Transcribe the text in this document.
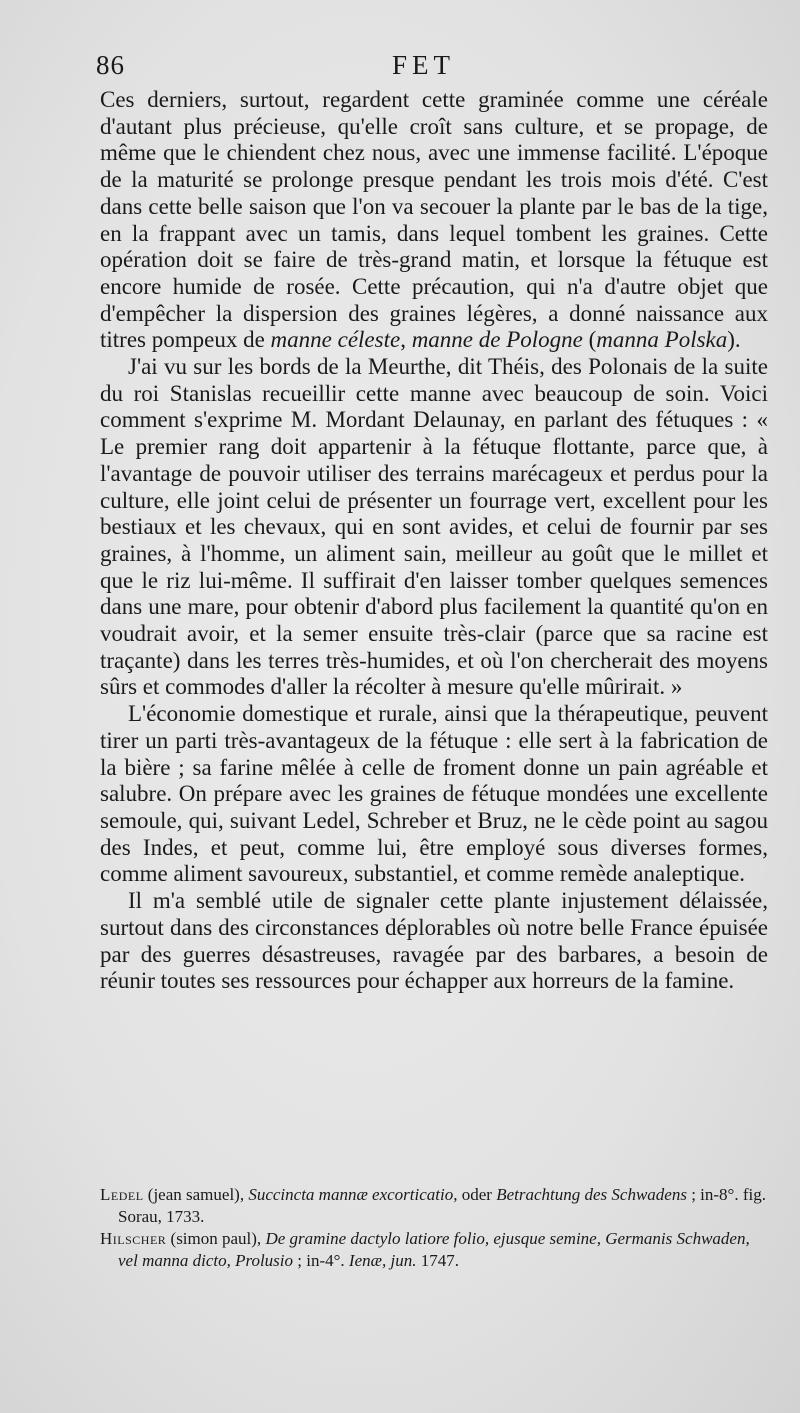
86	FET

Ces derniers, surtout, regardent cette graminée comme une céréale d'autant plus précieuse, qu'elle croît sans culture, et se propage, de même que le chiendent chez nous, avec une immense facilité. L'époque de la maturité se prolonge presque pendant les trois mois d'été. C'est dans cette belle saison que l'on va secouer la plante par le bas de la tige, en la frappant avec un tamis, dans lequel tombent les graines. Cette opération doit se faire de très-grand matin, et lorsque la fétuque est encore humide de rosée. Cette précaution, qui n'a d'autre objet que d'empêcher la dispersion des graines légères, a donné naissance aux titres pompeux de manne céleste, manne de Pologne (manna Polska).

J'ai vu sur les bords de la Meurthe, dit Théis, des Polonais de la suite du roi Stanislas recueillir cette manne avec beaucoup de soin. Voici comment s'exprime M. Mordant Delaunay, en parlant des fétuques : « Le premier rang doit appartenir à la fétuque flottante, parce que, à l'avantage de pouvoir utiliser des terrains marécageux et perdus pour la culture, elle joint celui de présenter un fourrage vert, excellent pour les bestiaux et les chevaux, qui en sont avides, et celui de fournir par ses graines, à l'homme, un aliment sain, meilleur au goût que le millet et que le riz lui-même. Il suffirait d'en laisser tomber quelques semences dans une mare, pour obtenir d'abord plus facilement la quantité qu'on en voudrait avoir, et la semer ensuite très-clair (parce que sa racine est traçante) dans les terres très-humides, et où l'on chercherait des moyens sûrs et commodes d'aller la récolter à mesure qu'elle mûrirait. »

L'économie domestique et rurale, ainsi que la thérapeutique, peuvent tirer un parti très-avantageux de la fétuque : elle sert à la fabrication de la bière ; sa farine mêlée à celle de froment donne un pain agréable et salubre. On prépare avec les graines de fétuque mondées une excellente semoule, qui, suivant Ledel, Schreber et Bruz, ne le cède point au sagou des Indes, et peut, comme lui, être employé sous diverses formes, comme aliment savoureux, substantiel, et comme remède analeptique.

Il m'a semblé utile de signaler cette plante injustement délaissée, surtout dans des circonstances déplorables où notre belle France épuisée par des guerres désastreuses, ravagée par des barbares, a besoin de réunir toutes ses ressources pour échapper aux horreurs de la famine.

Ledel (jean samuel), Succincta mannæ excorticatio, oder Betrachtung des Schwadens ; in-8°. fig. Sorau, 1733.

Hilscher (simon paul), De gramine dactylo latiore folio, ejusque semine, Germanis Schwaden, vel manna dicto, Prolusio ; in-4°. Ienæ, jun. 1747.
